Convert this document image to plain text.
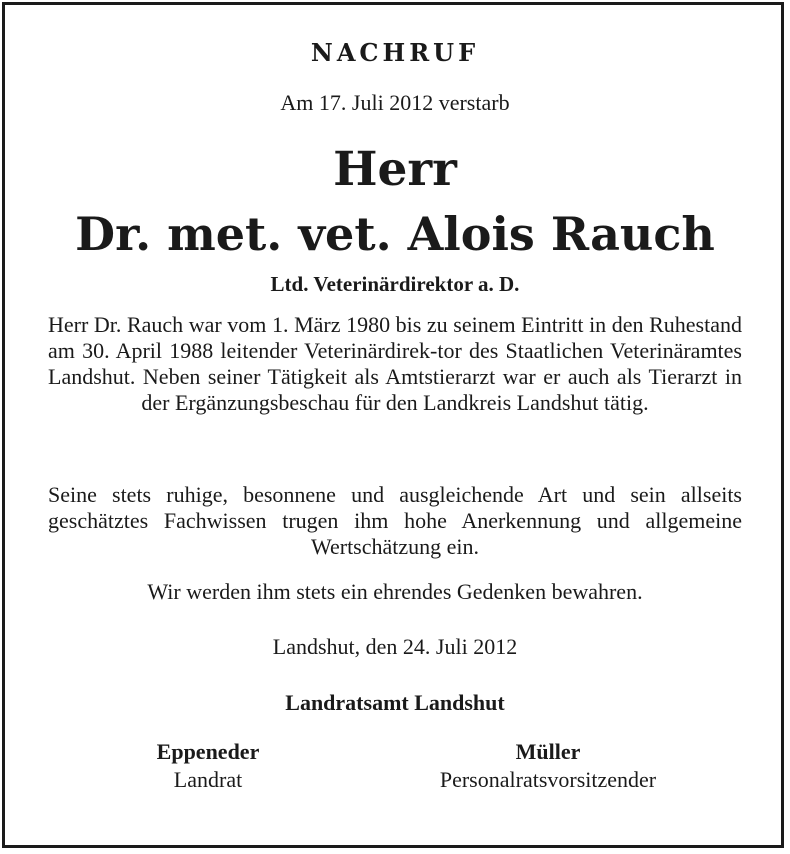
NACHRUF
Am 17. Juli 2012 verstarb
Herr
Dr. met. vet. Alois Rauch
Ltd. Veterinärdirektor a. D.

Herr Dr. Rauch war vom 1. März 1980 bis zu seinem Eintritt in den Ruhestand am 30. April 1988 leitender Veterinärdirek-tor des Staatlichen Veterinäramtes Landshut. Neben seiner Tätigkeit als Amtstierarzt war er auch als Tierarzt in der Ergänzungsbeschau für den Landkreis Landshut tätig.

Seine stets ruhige, besonnene und ausgleichende Art und sein allseits geschätztes Fachwissen trugen ihm hohe Anerkennung und allgemeine Wertschätzung ein.

Wir werden ihm stets ein ehrendes Gedenken bewahren.

Landshut, den 24. Juli 2012
Landratsamt Landshut
Eppeneder
Landrat
Müller
Personalratsvorsitzender
